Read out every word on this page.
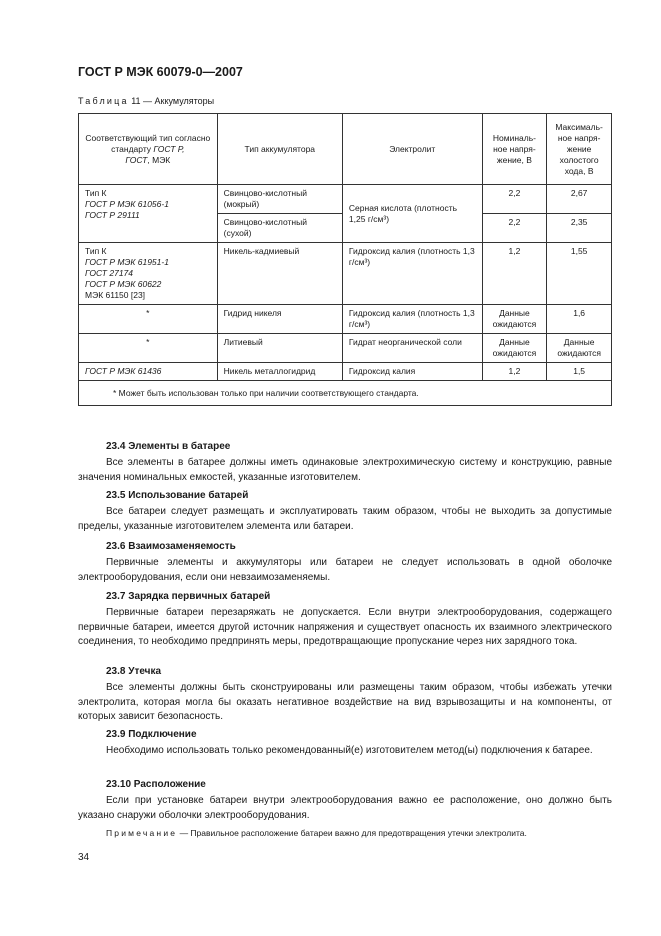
ГОСТ Р МЭК 60079-0—2007
Таблица 11 — Аккумуляторы
Соответствующий тип согласно
стандарту ГОСТ Р,
ГОСТ, МЭК	Тип аккумулятора	Электролит	Номиналь-
ное напря-
жение, В	Максималь-
ное напря-
жение
холостого
хода, В

Тип К
ГОСТ Р МЭК 61056-1
ГОСТ Р 29111	Свинцово-кислотный (мокрый)	Серная кислота (плотность 1,25 г/см³)	2,2	2,67
	Свинцово-кислотный (сухой)		2,2	2,35

Тип К
ГОСТ Р МЭК 61951-1
ГОСТ 27174
ГОСТ Р МЭК 60622
МЭК 61150 [23]	Никель-кадмиевый	Гидроксид калия (плотность 1,3 г/см³)	1,2	1,55
*	Гидрид никеля	Гидроксид калия (плотность 1,3 г/см³)	Данные ожидаются	1,6
*	Литиевый	Гидрат неорганической соли	Данные ожидаются	Данные ожидаются
ГОСТ Р МЭК 61436	Никель металлогидрид	Гидроксид калия	1,2	1,5
* Может быть использован только при наличии соответствующего стандарта.				
23.4 Элементы в батарее
Все элементы в батарее должны иметь одинаковые электрохимическую систему и конструкцию, равные значения номинальных емкостей, указанные изготовителем.
23.5 Использование батарей
Все батареи следует размещать и эксплуатировать таким образом, чтобы не выходить за допустимые пределы, указанные изготовителем элемента или батареи.
23.6 Взаимозаменяемость
Первичные элементы и аккумуляторы или батареи не следует использовать в одной оболочке электрооборудования, если они невзаимозаменяемы.
23.7 Зарядка первичных батарей
Первичные батареи перезаряжать не допускается. Если внутри электрооборудования, содержащего первичные батареи, имеется другой источник напряжения и существует опасность их взаимного электрического соединения, то необходимо предпринять меры, предотвращающие пропускание через них зарядного тока.
23.8 Утечка
Все элементы должны быть сконструированы или размещены таким образом, чтобы избежать утечки электролита, которая могла бы оказать негативное воздействие на вид взрывозащиты и на компоненты, от которых зависит безопасность.
23.9 Подключение
Необходимо использовать только рекомендованный(е) изготовителем метод(ы) подключения к батарее.
23.10 Расположение
Если при установке батареи внутри электрооборудования важно ее расположение, оно должно быть указано снаружи оболочки электрооборудования.
Примечание — Правильное расположение батареи важно для предотвращения утечки электролита.
34
